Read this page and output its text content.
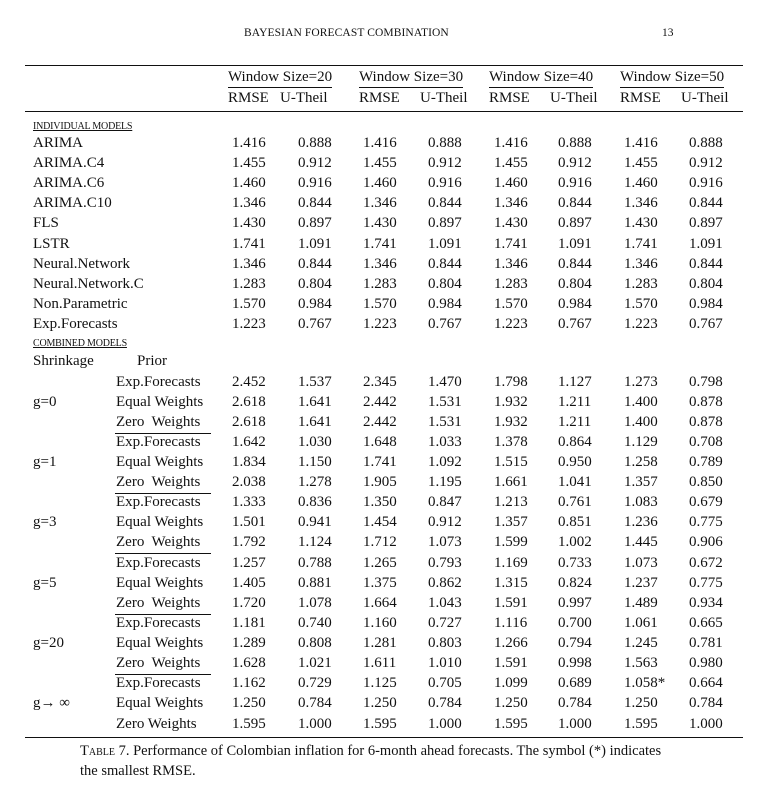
BAYESIAN FORECAST COMBINATION	13
Window Size=20 Window Size=30 Window Size=40 Window Size=50
RMSE U-Theil RMSE U-Theil RMSE U-Theil RMSE U-Theil
INDIVIDUAL MODELS
ARIMA	1.416 0.888 1.416 0.888 1.416 0.888 1.416 0.888
ARIMA.C4	1.455 0.912 1.455 0.912 1.455 0.912 1.455 0.912
ARIMA.C6	1.460 0.916 1.460 0.916 1.460 0.916 1.460 0.916
ARIMA.C10	1.346 0.844 1.346 0.844 1.346 0.844 1.346 0.844
FLS	1.430 0.897 1.430 0.897 1.430 0.897 1.430 0.897
LSTR	1.741 1.091 1.741 1.091 1.741 1.091 1.741 1.091
Neural.Network	1.346 0.844 1.346 0.844 1.346 0.844 1.346 0.844
Neural.Network.C	1.283 0.804 1.283 0.804 1.283 0.804 1.283 0.804
Non.Parametric	1.570 0.984 1.570 0.984 1.570 0.984 1.570 0.984
Exp.Forecasts	1.223 0.767 1.223 0.767 1.223 0.767 1.223 0.767
COMBINED MODELS
Shrinkage	Prior
Exp.Forecasts 2.452 1.537 2.345 1.470 1.798 1.127 1.273 0.798
g=0	Equal Weights 2.618 1.641 2.442 1.531 1.932 1.211 1.400 0.878
Zero  Weights 2.618 1.641 2.442 1.531 1.932 1.211 1.400 0.878
Exp.Forecasts 1.642 1.030 1.648 1.033 1.378 0.864 1.129 0.708
g=1	Equal Weights 1.834 1.150 1.741 1.092 1.515 0.950 1.258 0.789
Zero  Weights 2.038 1.278 1.905 1.195 1.661 1.041 1.357 0.850
Exp.Forecasts 1.333 0.836 1.350 0.847 1.213 0.761 1.083 0.679
g=3	Equal Weights 1.501 0.941 1.454 0.912 1.357 0.851 1.236 0.775
Zero  Weights 1.792 1.124 1.712 1.073 1.599 1.002 1.445 0.906
Exp.Forecasts 1.257 0.788 1.265 0.793 1.169 0.733 1.073 0.672
g=5	Equal Weights 1.405 0.881 1.375 0.862 1.315 0.824 1.237 0.775
Zero  Weights 1.720 1.078 1.664 1.043 1.591 0.997 1.489 0.934
Exp.Forecasts 1.181 0.740 1.160 0.727 1.116 0.700 1.061 0.665
g=20	Equal Weights 1.289 0.808 1.281 0.803 1.266 0.794 1.245 0.781
Zero  Weights 1.628 1.021 1.611 1.010 1.591 0.998 1.563 0.980
Exp.Forecasts 1.162 0.729 1.125 0.705 1.099 0.689 1.058* 0.664
g→ ∞	Equal Weights 1.250 0.784 1.250 0.784 1.250 0.784 1.250 0.784
Zero Weights 1.595 1.000 1.595 1.000 1.595 1.000 1.595 1.000
Table 7. Performance of Colombian inflation for 6-month ahead forecasts. The symbol (*) indicates the smallest RMSE.
